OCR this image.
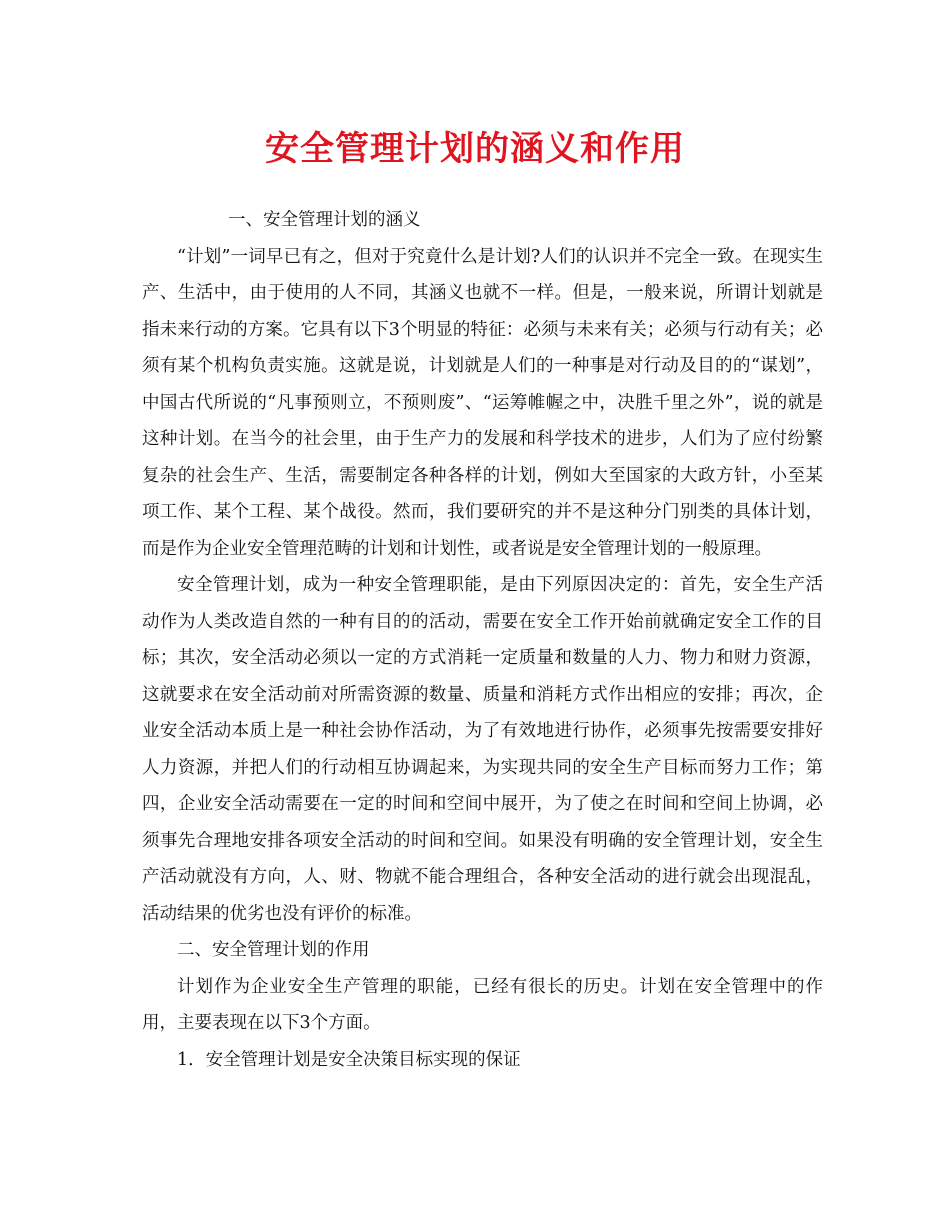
安全管理计划的涵义和作用

一、安全管理计划的涵义

“计划”一词早已有之，但对于究竟什么是计划?人们的认识并不完全一致。在现实生产、生活中，由于使用的人不同，其涵义也就不一样。但是，一般来说，所谓计划就是指未来行动的方案。它具有以下3个明显的特征：必须与未来有关；必须与行动有关；必须有某个机构负责实施。这就是说，计划就是人们的一种事是对行动及目的的“谋划”，中国古代所说的“凡事预则立，不预则废”、“运筹帷幄之中，决胜千里之外”，说的就是这种计划。在当今的社会里，由于生产力的发展和科学技术的进步，人们为了应付纷繁复杂的社会生产、生活，需要制定各种各样的计划，例如大至国家的大政方针，小至某项工作、某个工程、某个战役。然而，我们要研究的并不是这种分门别类的具体计划，而是作为企业安全管理范畴的计划和计划性，或者说是安全管理计划的一般原理。

安全管理计划，成为一种安全管理职能，是由下列原因决定的：首先，安全生产活动作为人类改造自然的一种有目的的活动，需要在安全工作开始前就确定安全工作的目标；其次，安全活动必须以一定的方式消耗一定质量和数量的人力、物力和财力资源，这就要求在安全活动前对所需资源的数量、质量和消耗方式作出相应的安排；再次，企业安全活动本质上是一种社会协作活动，为了有效地进行协作，必须事先按需要安排好人力资源，并把人们的行动相互协调起来，为实现共同的安全生产目标而努力工作；第四，企业安全活动需要在一定的时间和空间中展开，为了使之在时间和空间上协调，必须事先合理地安排各项安全活动的时间和空间。如果没有明确的安全管理计划，安全生产活动就没有方向，人、财、物就不能合理组合，各种安全活动的进行就会出现混乱，活动结果的优劣也没有评价的标准。

二、安全管理计划的作用

计划作为企业安全生产管理的职能，已经有很长的历史。计划在安全管理中的作用，主要表现在以下3个方面。

1．安全管理计划是安全决策目标实现的保证
